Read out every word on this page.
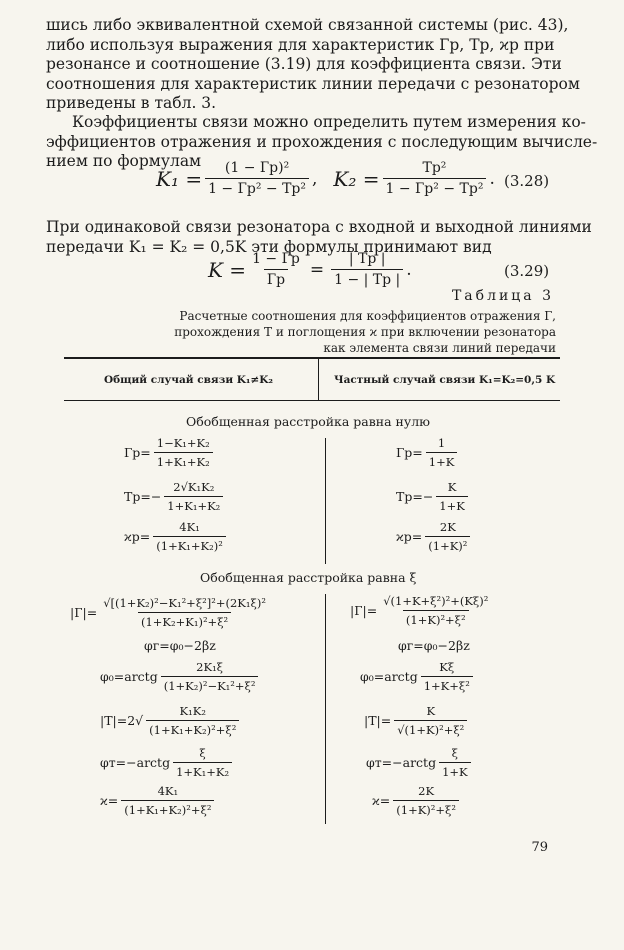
шись либо эквивалентной схемой связанной системы (рис. 43),
либо используя выражения для характеристик Гр, Тр, ϰр при
резонансе и соотношение (3.19) для коэффициента связи. Эти
соотношения для характеристик линии передачи с резонатором
приведены в табл. 3.
Коэффициенты связи можно определить путем измерения ко-
эффициентов отражения и прохождения с последующим вычисле-
нием по формулам
$K_1 = \frac{\text{(1 − Гр)²}}{\text{1 − Гр² − Тр²}}$ , $K_2 = \frac{\text{Тр²}}{\text{1 − Гр² − Тр²}}$ . (3.28)
При одинаковой связи резонатора с входной и выходной линиями
передачи K₁ = K₂ = 0,5K эти формулы принимают вид
$K = \frac{1 - Гр}{Гр} = \frac{| Тр |}{1 - | Тр |}$ .	(3.29)
Таблица 3
Расчетные соотношения для коэффициентов отражения Г,
прохождения Т и поглощения ϰ при включении резонатора
как элемента связи линий передачи
Общий случай связи K₁≠K₂	Частный случай связи K₁=K₂=0,5 K
Обобщенная расстройка равна нулю
$Гр= \frac{\text{1−K₁+K₂}}{\text{1+K₁+K₂}}$
$Тр=- \frac{\text{2√K₁K₂}}{\text{1+K₁+K₂}}$
$ϰр= \frac{\text{4K₁}}{\text{(1+K₁+K₂)²}}$
$Гр= \frac{1}{1+K}$
$Тр=- \frac{K}{1+K}$
$ϰр= \frac{2K}{\text{(1+K)²}}$
Обобщенная расстройка равна ξ
$|Г|= \frac{\text{√[(1+K₂)²−K₁²+ξ²]²+(2K₁ξ)²}}{\text{(1+K₂+K₁)²+ξ²}}$
φг=φ₀−2βz
φ₀=arctg $\frac{\text{2K₁ξ}}{\text{(1+K₂)²−K₁²+ξ²}}$
$|Т|=2√ \frac{\text{K₁K₂}}{\text{(1+K₁+K₂)²+ξ²}}$
φт=−arctg $\frac{\xi}{\text{1+K₁+K₂}}$
$ϰ= \frac{\text{4K₁}}{\text{(1+K₁+K₂)²+ξ²}}$
$|Г|= \frac{\text{√(1+K+ξ²)²+(Kξ)²}}{\text{(1+K)²+ξ²}}$
φг=φ₀−2βz
φ₀=arctg $\frac{K\xi}{\text{1+K+ξ²}}$
$|Т|= \frac{K}{\text{√(1+K)²+ξ²}}$
φт=−arctg $\frac{\xi}{1+K}$
$ϰ= \frac{2K}{\text{(1+K)²+ξ²}}$
79
